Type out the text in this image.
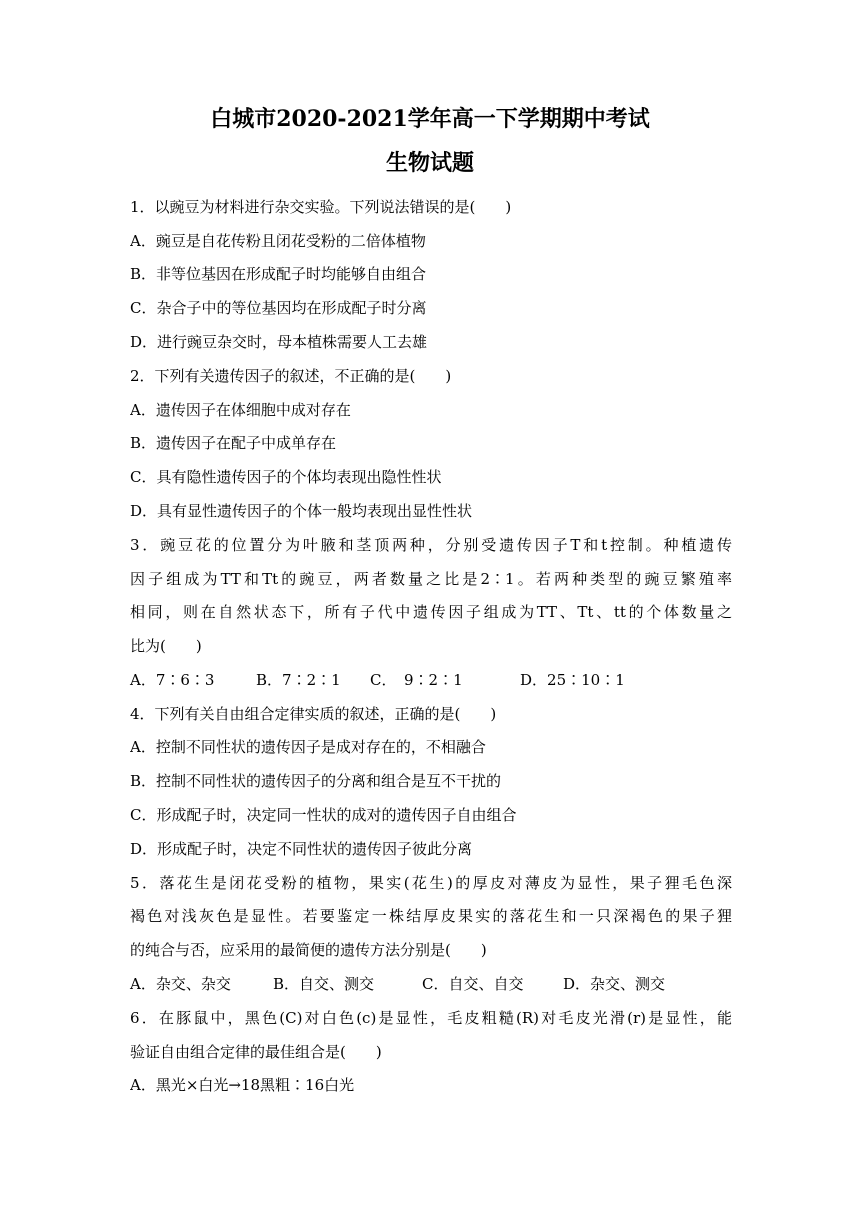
白城市2020-2021学年高一下学期期中考试
生物试题
1．以豌豆为材料进行杂交实验。下列说法错误的是(　　)
A．豌豆是自花传粉且闭花受粉的二倍体植物
B．非等位基因在形成配子时均能够自由组合
C．杂合子中的等位基因均在形成配子时分离
D．进行豌豆杂交时，母本植株需要人工去雄
2．下列有关遗传因子的叙述，不正确的是(　　)
A．遗传因子在体细胞中成对存在
B．遗传因子在配子中成单存在
C．具有隐性遗传因子的个体均表现出隐性性状
D．具有显性遗传因子的个体一般均表现出显性性状
3．豌豆花的位置分为叶腋和茎顶两种，分别受遗传因子T和t控制。种植遗传
因子组成为TT和Tt的豌豆，两者数量之比是2∶1。若两种类型的豌豆繁殖率
相同，则在自然状态下，所有子代中遗传因子组成为TT、Tt、tt的个体数量之
比为(　　)
A．7∶6∶3	B．7∶2∶1 C．　9∶2∶1	D．25∶10∶1
4．下列有关自由组合定律实质的叙述，正确的是(　　)
A．控制不同性状的遗传因子是成对存在的，不相融合
B．控制不同性状的遗传因子的分离和组合是互不干扰的
C．形成配子时，决定同一性状的成对的遗传因子自由组合
D．形成配子时，决定不同性状的遗传因子彼此分离
5．落花生是闭花受粉的植物，果实(花生)的厚皮对薄皮为显性，果子狸毛色深
褐色对浅灰色是显性。若要鉴定一株结厚皮果实的落花生和一只深褐色的果子狸
的纯合与否，应采用的最简便的遗传方法分别是(　　)
A．杂交、杂交	B．自交、测交	C．自交、自交	D．杂交、测交
6．在豚鼠中，黑色(C)对白色(c)是显性，毛皮粗糙(R)对毛皮光滑(r)是显性，能
验证自由组合定律的最佳组合是(　　)
A．黑光×白光→18黑粗∶16白光
